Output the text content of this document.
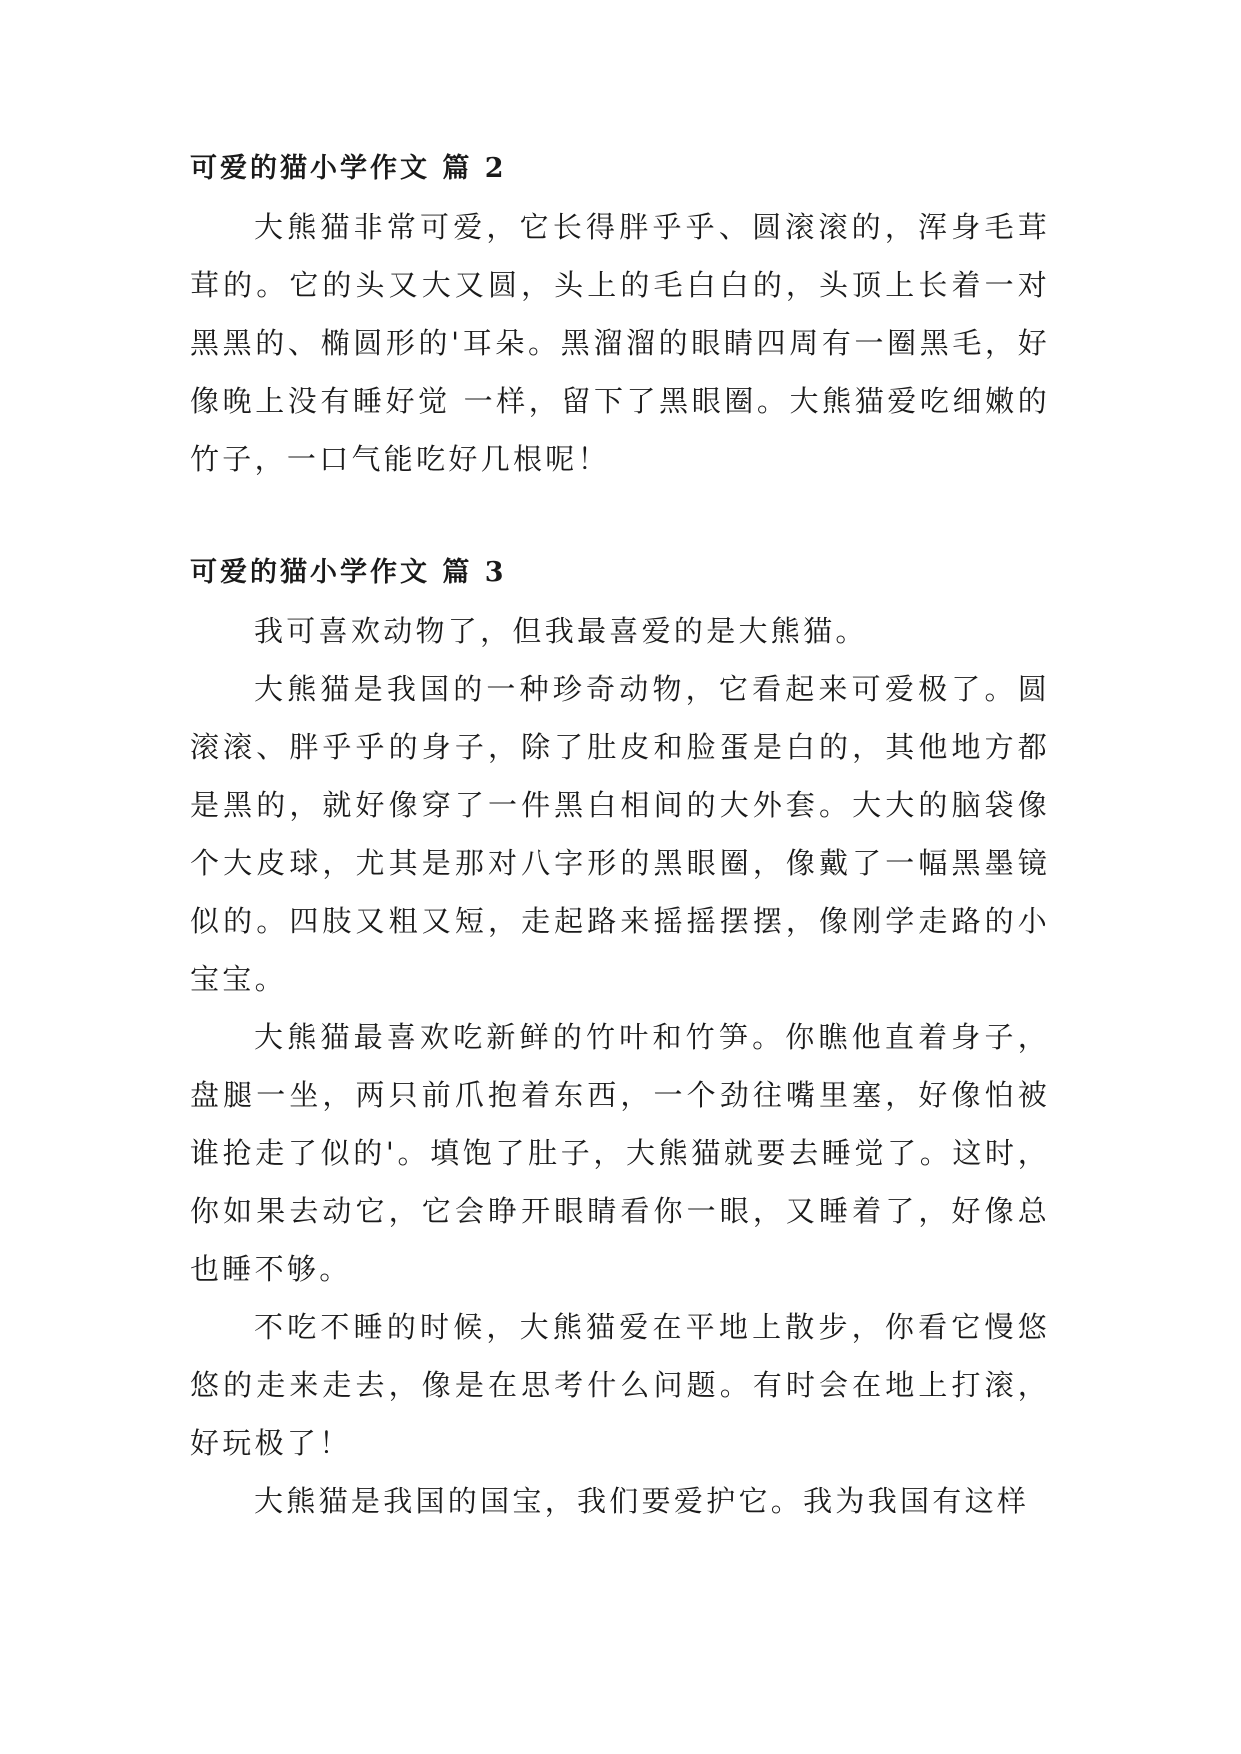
可爱的猫小学作文 篇 2

大熊猫非常可爱，它长得胖乎乎、圆滚滚的，浑身毛茸茸的。它的头又大又圆，头上的毛白白的，头顶上长着一对黑黑的、椭圆形的'耳朵。黑溜溜的眼睛四周有一圈黑毛，好像晚上没有睡好觉 一样，留下了黑眼圈。大熊猫爱吃细嫩的竹子，一口气能吃好几根呢！

可爱的猫小学作文 篇 3

我可喜欢动物了，但我最喜爱的是大熊猫。

大熊猫是我国的一种珍奇动物，它看起来可爱极了。圆滚滚、胖乎乎的身子，除了肚皮和脸蛋是白的，其他地方都是黑的，就好像穿了一件黑白相间的大外套。大大的脑袋像个大皮球，尤其是那对八字形的黑眼圈，像戴了一幅黑墨镜似的。四肢又粗又短，走起路来摇摇摆摆，像刚学走路的小宝宝。

大熊猫最喜欢吃新鲜的竹叶和竹笋。你瞧他直着身子，盘腿一坐，两只前爪抱着东西，一个劲往嘴里塞，好像怕被谁抢走了似的'。填饱了肚子，大熊猫就要去睡觉了。这时，你如果去动它，它会睁开眼睛看你一眼，又睡着了，好像总也睡不够。

不吃不睡的时候，大熊猫爱在平地上散步，你看它慢悠悠的走来走去，像是在思考什么问题。有时会在地上打滚，好玩极了！

大熊猫是我国的国宝，我们要爱护它。我为我国有这样
